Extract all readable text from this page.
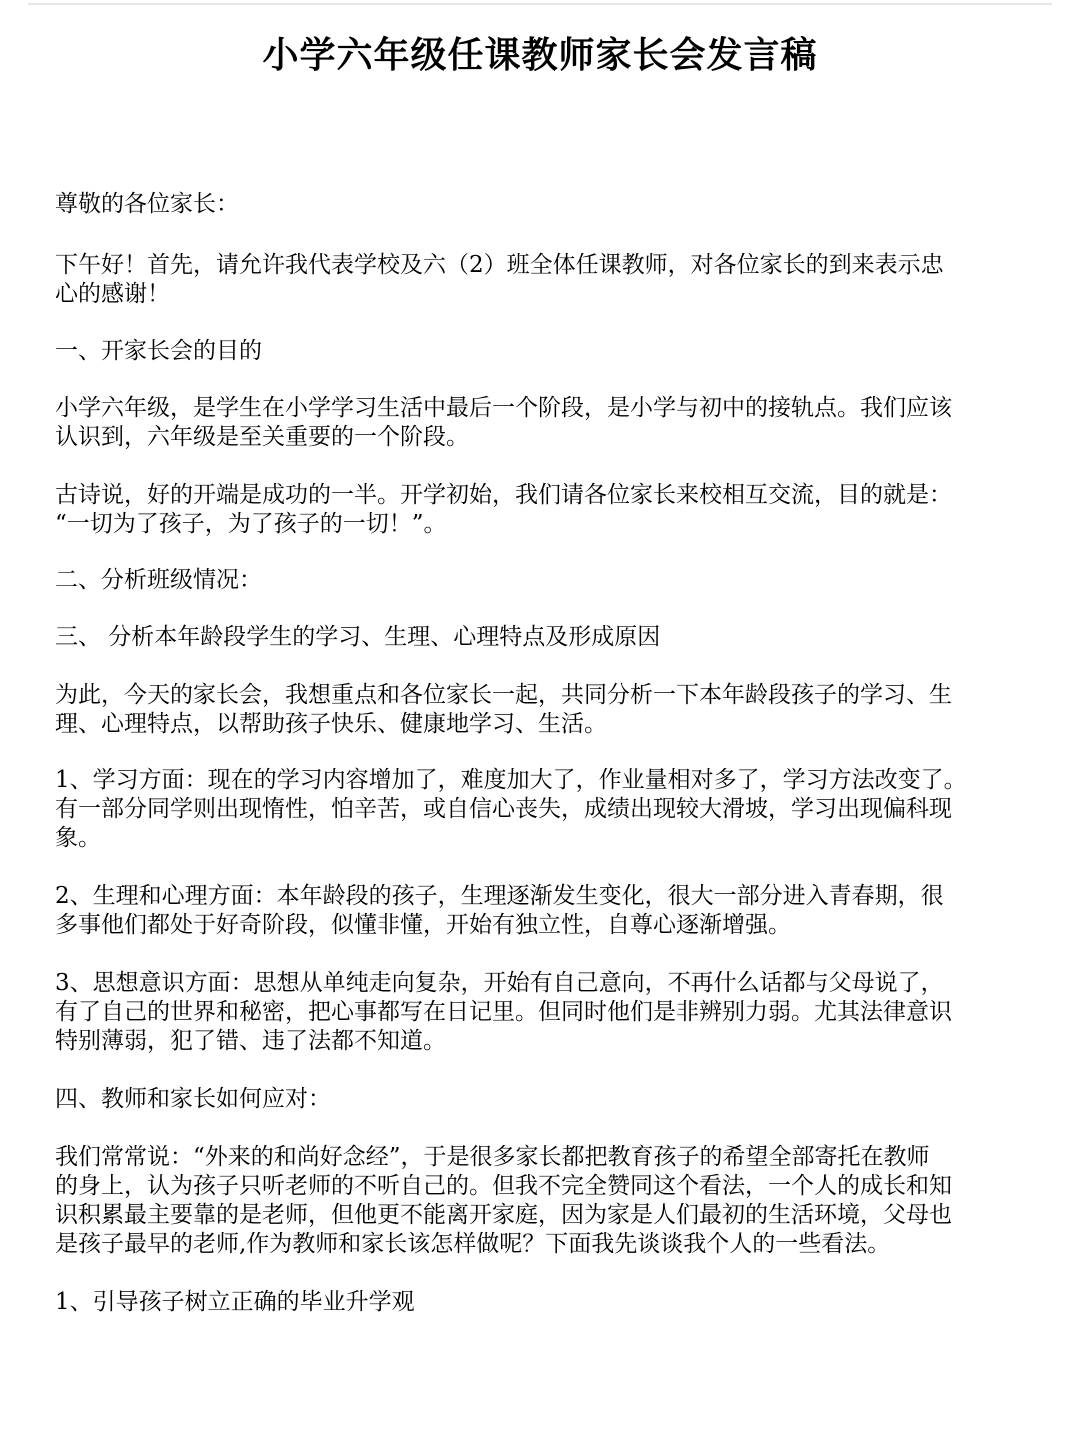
小学六年级任课教师家长会发言稿
尊敬的各位家长：
下午好！首先，请允许我代表学校及六（2）班全体任课教师，对各位家长的到来表示忠
心的感谢！
一、开家长会的目的
小学六年级，是学生在小学学习生活中最后一个阶段，是小学与初中的接轨点。我们应该
认识到，六年级是至关重要的一个阶段。
古诗说，好的开端是成功的一半。开学初始，我们请各位家长来校相互交流，目的就是：
“一切为了孩子，为了孩子的一切！”。
二、分析班级情况：
三、 分析本年龄段学生的学习、生理、心理特点及形成原因
为此，今天的家长会，我想重点和各位家长一起，共同分析一下本年龄段孩子的学习、生
理、心理特点，以帮助孩子快乐、健康地学习、生活。
1、学习方面：现在的学习内容增加了，难度加大了，作业量相对多了，学习方法改变了。
有一部分同学则出现惰性，怕辛苦，或自信心丧失，成绩出现较大滑坡，学习出现偏科现
象。
2、生理和心理方面：本年龄段的孩子，生理逐渐发生变化，很大一部分进入青春期，很
多事他们都处于好奇阶段，似懂非懂，开始有独立性，自尊心逐渐增强。
3、思想意识方面：思想从单纯走向复杂，开始有自己意向，不再什么话都与父母说了，
有了自己的世界和秘密，把心事都写在日记里。但同时他们是非辨别力弱。尤其法律意识
特别薄弱，犯了错、违了法都不知道。
四、教师和家长如何应对：
我们常常说：“外来的和尚好念经”，于是很多家长都把教育孩子的希望全部寄托在教师
的身上，认为孩子只听老师的不听自己的。但我不完全赞同这个看法，一个人的成长和知
识积累最主要靠的是老师，但他更不能离开家庭，因为家是人们最初的生活环境，父母也
是孩子最早的老师,作为教师和家长该怎样做呢？下面我先谈谈我个人的一些看法。
1、引导孩子树立正确的毕业升学观
